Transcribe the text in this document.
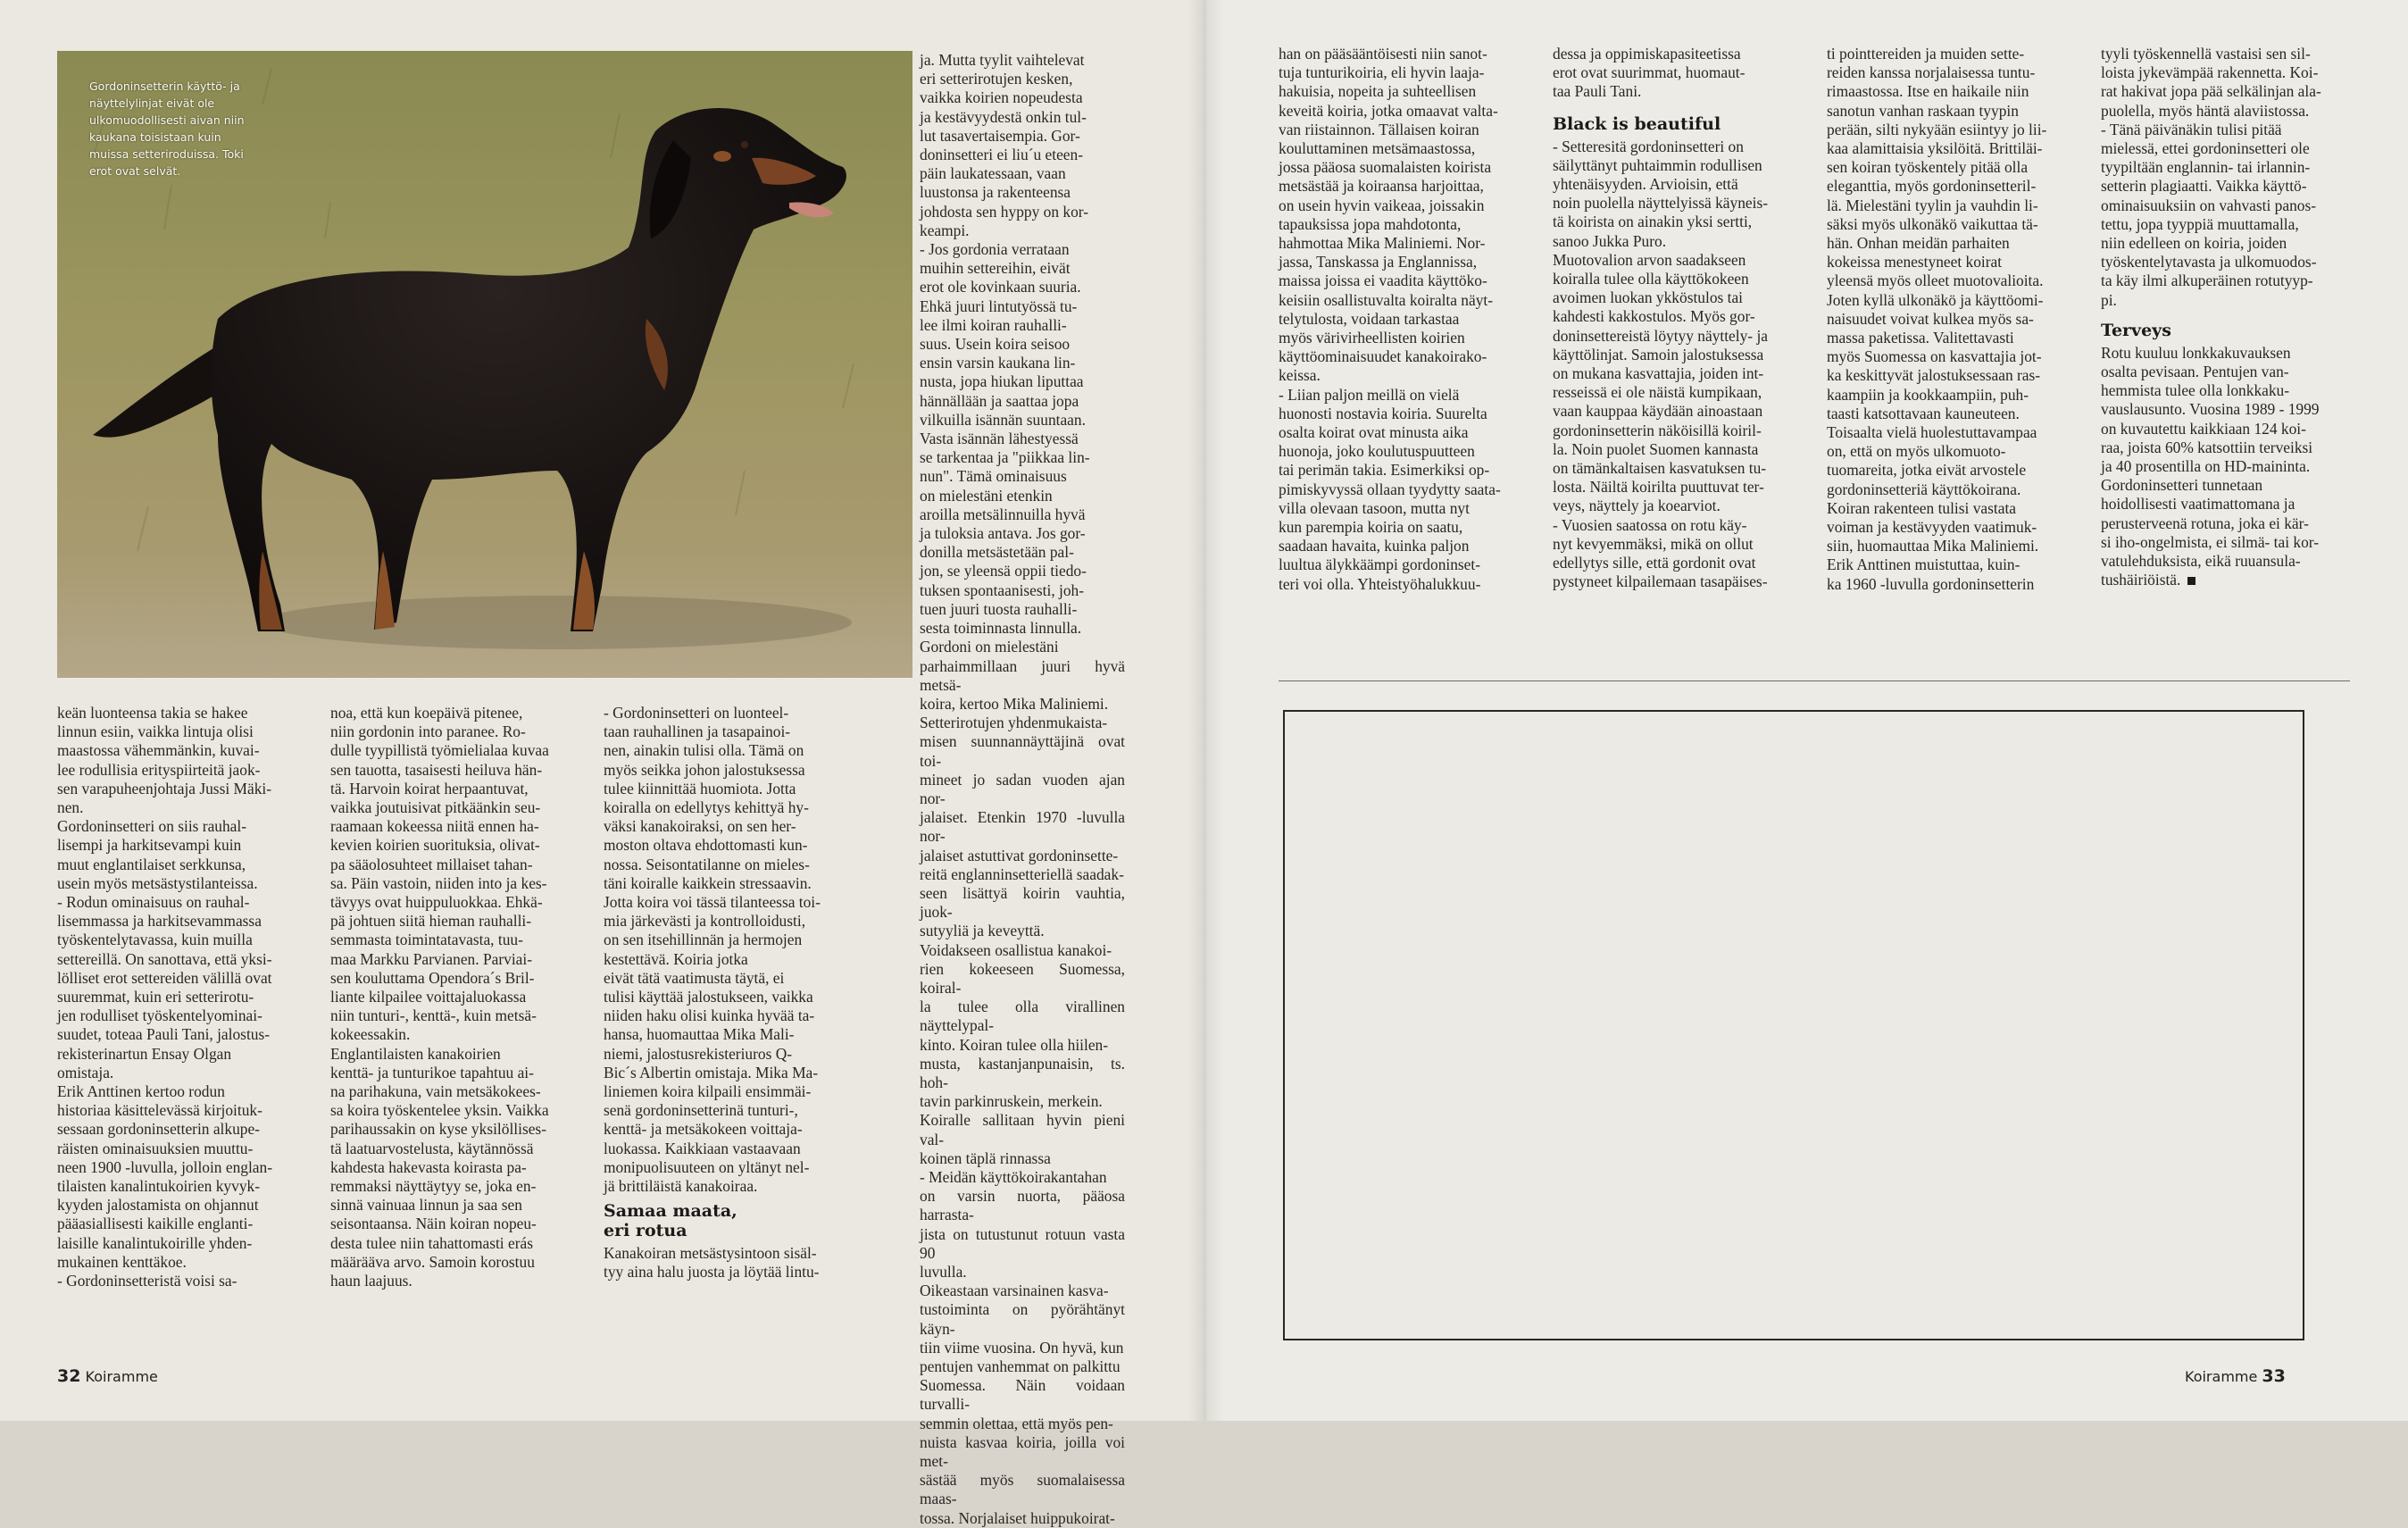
Gordoninsetterin käyttö- ja
näyttelylinjat eivät ole
ulkomuodollisesti aivan niin
kaukana toisistaan kuin
muissa setteriroduissa. Toki
erot ovat selvät.

ja. Mutta tyylit vaihtelevat
eri setterirotujen kesken,
vaikka koirien nopeudesta
ja kestävyydestä onkin tul-
lut tasavertaisempia. Gor-
doninsetteri ei liu´u eteen-
päin laukatessaan, vaan
luustonsa ja rakenteensa
johdosta sen hyppy on kor-
keampi.
- Jos gordonia verrataan
muihin settereihin, eivät
erot ole kovinkaan suuria.
Ehkä juuri lintutyössä tu-
lee ilmi koiran rauhalli-
suus. Usein koira seisoo
ensin varsin kaukana lin-
nusta, jopa hiukan liputtaa
hännällään ja saattaa jopa
vilkuilla isännän suuntaan.
Vasta isännän lähestyessä
se tarkentaa ja "piikkaa lin-
nun". Tämä ominaisuus
on mielestäni etenkin
aroilla metsälinnuilla hyvä
ja tuloksia antava. Jos gor-
donilla metsästetään pal-
jon, se yleensä oppii tiedo-
tuksen spontaanisesti, joh-
tuen juuri tuosta rauhalli-
sesta toiminnasta linnulla.
Gordoni on mielestäni
parhaimmillaan juuri hyvä metsä-
koira, kertoo Mika Maliniemi.
Setterirotujen yhdenmukaista-
misen suunnannäyttäjinä ovat toi-
mineet jo sadan vuoden ajan nor-
jalaiset. Etenkin 1970 -luvulla nor-
jalaiset astuttivat gordoninsette-
reitä englanninsetteriellä saadak-
seen lisättyä koirin vauhtia, juok-
sutyyliä ja keveyttä.
Voidakseen osallistua kanakoi-
rien kokeeseen Suomessa, koiral-
la tulee olla virallinen näyttelypal-
kinto. Koiran tulee olla hiilen-
musta, kastanjanpunaisin, ts. hoh-
tavin parkinruskein, merkein.
Koiralle sallitaan hyvin pieni val-
koinen täplä rinnassa
- Meidän käyttökoirakantahan
on varsin nuorta, pääosa harrasta-
jista on tutustunut rotuun vasta 90
luvulla.
Oikeastaan varsinainen kasva-
tustoiminta on pyörähtänyt käyn-
tiin viime vuosina. On hyvä, kun
pentujen vanhemmat on palkittu
Suomessa. Näin voidaan turvalli-
semmin olettaa, että myös pen-
nuista kasvaa koiria, joilla voi met-
sästää myös suomalaisessa maas-
tossa. Norjalaiset huippukoirat-

keän luonteensa takia se hakee
linnun esiin, vaikka lintuja olisi
maastossa vähemmänkin, kuvai-
lee rodullisia erityspiirteitä jaok-
sen varapuheenjohtaja Jussi Mäki-
nen.
Gordoninsetteri on siis rauhal-
lisempi ja harkitsevampi kuin
muut englantilaiset serkkunsa,
usein myös metsästystilanteissa.
- Rodun ominaisuus on rauhal-
lisemmassa ja harkitsevammassa
työskentelytavassa, kuin muilla
settereillä. On sanottava, että yksi-
lölliset erot settereiden välillä ovat
suuremmat, kuin eri setterirotu-
jen rodulliset työskentelyominai-
suudet, toteaa Pauli Tani, jalostus-
rekisterinartun Ensay Olgan
omistaja.
Erik Anttinen kertoo rodun
historiaa käsittelevässä kirjoituk-
sessaan gordoninsetterin alkupe-
räisten ominaisuuksien muuttu-
neen 1900 -luvulla, jolloin englan-
tilaisten kanalintukoirien kyvyk-
kyyden jalostamista on ohjannut
pääasiallisesti kaikille englanti-
laisille kanalintukoirille yhden-
mukainen kenttäkoe.
- Gordoninsetteristä voisi sa-

noa, että kun koepäivä pitenee,
niin gordonin into paranee. Ro-
dulle tyypillistä työmielialaa kuvaa
sen tauotta, tasaisesti heiluva hän-
tä. Harvoin koirat herpaantuvat,
vaikka joutuisivat pitkäänkin seu-
raamaan kokeessa niitä ennen ha-
kevien koirien suorituksia, olivat-
pa sääolosuhteet millaiset tahan-
sa. Päin vastoin, niiden into ja kes-
tävyys ovat huippuluokkaa. Ehkä-
pä johtuen siitä hieman rauhalli-
semmasta toimintatavasta, tuu-
maa Markku Parvianen. Parviai-
sen kouluttama Opendora´s Bril-
liante kilpailee voittajaluokassa
niin tunturi-, kenttä-, kuin metsä-
kokeessakin.
Englantilaisten kanakoirien
kenttä- ja tunturikoe tapahtuu ai-
na parihakuna, vain metsäkokees-
sa koira työskentelee yksin. Vaikka
parihaussakin on kyse yksilöllises-
tä laatuarvostelusta, käytännössä
kahdesta hakevasta koirasta pa-
remmaksi näyttäytyy se, joka en-
sinnä vainuaa linnun ja saa sen
seisontaansa. Näin koiran nopeu-
desta tulee niin tahattomasti erás
määrääva arvo. Samoin korostuu
haun laajuus.

- Gordoninsetteri on luonteel-
taan rauhallinen ja tasapainoi-
nen, ainakin tulisi olla. Tämä on
myös seikka johon jalostuksessa
tulee kiinnittää huomiota. Jotta
koiralla on edellytys kehittyä hy-
väksi kanakoiraksi, on sen her-
moston oltava ehdottomasti kun-
nossa. Seisontatilanne on mieles-
täni koiralle kaikkein stressaavin.
Jotta koira voi tässä tilanteessa toi-
mia järkevästi ja kontrolloidusti,
on sen itsehillinnän ja hermojen
kestettävä. Koiria jotka
eivät tätä vaatimusta täytä, ei
tulisi käyttää jalostukseen, vaikka
niiden haku olisi kuinka hyvää ta-
hansa, huomauttaa Mika Mali-
niemi, jalostusrekisteriuros Q-
Bic´s Albertin omistaja. Mika Ma-
liniemen koira kilpaili ensimmäi-
senä gordoninsetterinä tunturi-,
kenttä- ja metsäkokeen voittaja-
luokassa. Kaikkiaan vastaavaan
monipuolisuuteen on yltänyt nel-
jä brittiläistä kanakoiraa.

Samaa maata,
eri rotua

Kanakoiran metsästysintoon sisäl-
tyy aina halu juosta ja löytää lintu-

32 Koiramme

han on pääsääntöisesti niin sanot-
tuja tunturikoiria, eli hyvin laaja-
hakuisia, nopeita ja suhteellisen
keveitä koiria, jotka omaavat valta-
van riistainnon. Tällaisen koiran
kouluttaminen metsämaastossa,
jossa pääosa suomalaisten koirista
metsästää ja koiraansa harjoittaa,
on usein hyvin vaikeaa, joissakin
tapauksissa jopa mahdotonta,
hahmottaa Mika Maliniemi. Nor-
jassa, Tanskassa ja Englannissa,
maissa joissa ei vaadita käyttöko-
keisiin osallistuvalta koiralta näyt-
telytulosta, voidaan tarkastaa
myös värivirheellisten koirien
käyttöominaisuudet kanakoirako-
keissa.
- Liian paljon meillä on vielä
huonosti nostavia koiria. Suurelta
osalta koirat ovat minusta aika
huonoja, joko koulutuspuutteen
tai perimän takia. Esimerkiksi op-
pimiskyvyssä ollaan tyydytty saata-
villa olevaan tasoon, mutta nyt
kun parempia koiria on saatu,
saadaan havaita, kuinka paljon
luultua älykkäämpi gordoninset-
teri voi olla. Yhteistyöhalukkuu-

dessa ja oppimiskapasiteetissa
erot ovat suurimmat, huomaut-
taa Pauli Tani.

Black is beautiful

- Setteresitä gordoninsetteri on
säilyttänyt puhtaimmin rodullisen
yhtenäisyyden. Arvioisin, että
noin puolella näyttelyissä käyneis-
tä koirista on ainakin yksi sertti,
sanoo Jukka Puro.
Muotovalion arvon saadakseen
koiralla tulee olla käyttökokeen
avoimen luokan ykköstulos tai
kahdesti kakkostulos. Myös gor-
doninsettereistä löytyy näyttely- ja
käyttölinjat. Samoin jalostuksessa
on mukana kasvattajia, joiden int-
resseissä ei ole näistä kumpikaan,
vaan kauppaa käydään ainoastaan
gordoninsetterin näköisillä koiril-
la. Noin puolet Suomen kannasta
on tämänkaltaisen kasvatuksen tu-
losta. Näiltä koirilta puuttuvat ter-
veys, näyttely ja koearviot.
- Vuosien saatossa on rotu käy-
nyt kevyemmäksi, mikä on ollut
edellytys sille, että gordonit ovat
pystyneet kilpailemaan tasapäises-

ti pointtereiden ja muiden sette-
reiden kanssa norjalaisessa tuntu-
rimaastossa. Itse en haikaile niin
sanotun vanhan raskaan tyypin
perään, silti nykyään esiintyy jo lii-
kaa alamittaisia yksilöitä. Brittiläi-
sen koiran työskentely pitää olla
eleganttia, myös gordoninsetteril-
lä. Mielestäni tyylin ja vauhdin li-
säksi myös ulkonäkö vaikuttaa tä-
hän. Onhan meidän parhaiten
kokeissa menestyneet koirat
yleensä myös olleet muotovalioita.
Joten kyllä ulkonäkö ja käyttöomi-
naisuudet voivat kulkea myös sa-
massa paketissa. Valitettavasti
myös Suomessa on kasvattajia jot-
ka keskittyvät jalostuksessaan ras-
kaampiin ja kookkaampiin, puh-
taasti katsottavaan kauneuteen.
Toisaalta vielä huolestuttavampaa
on, että on myös ulkomuoto-
tuomareita, jotka eivät arvostele
gordoninsetteriä käyttökoirana.
Koiran rakenteen tulisi vastata
voiman ja kestävyyden vaatimuk-
siin, huomauttaa Mika Maliniemi.
Erik Anttinen muistuttaa, kuin-
ka 1960 -luvulla gordoninsetterin

tyyli työskennellä vastaisi sen sil-
loista jykevämpää rakennetta. Koi-
rat hakivat jopa pää selkälinjan ala-
puolella, myös häntä alaviistossa.
- Tänä päivänäkin tulisi pitää
mielessä, ettei gordoninsetteri ole
tyypiltään englannin- tai irlannin-
setterin plagiaatti. Vaikka käyttö-
ominaisuuksiin on vahvasti panos-
tettu, jopa tyyppiä muuttamalla,
niin edelleen on koiria, joiden
työskentelytavasta ja ulkomuodos-
ta käy ilmi alkuperäinen rotutyyp-
pi.

Terveys

Rotu kuuluu lonkkakuvauksen
osalta pevisaan. Pentujen van-
hemmista tulee olla lonkkaku-
vauslausunto. Vuosina 1989 - 1999
on kuvautettu kaikkiaan 124 koi-
raa, joista 60% katsottiin terveiksi
ja 40 prosentilla on HD-maininta.
Gordoninsetteri tunnetaan
hoidollisesti vaatimattomana ja
perusterveenä rotuna, joka ei kär-
si iho-ongelmista, ei silmä- tai kor-
vatulehduksista, eikä ruuansula-
tushäiriöistä.

Koiramme 33
